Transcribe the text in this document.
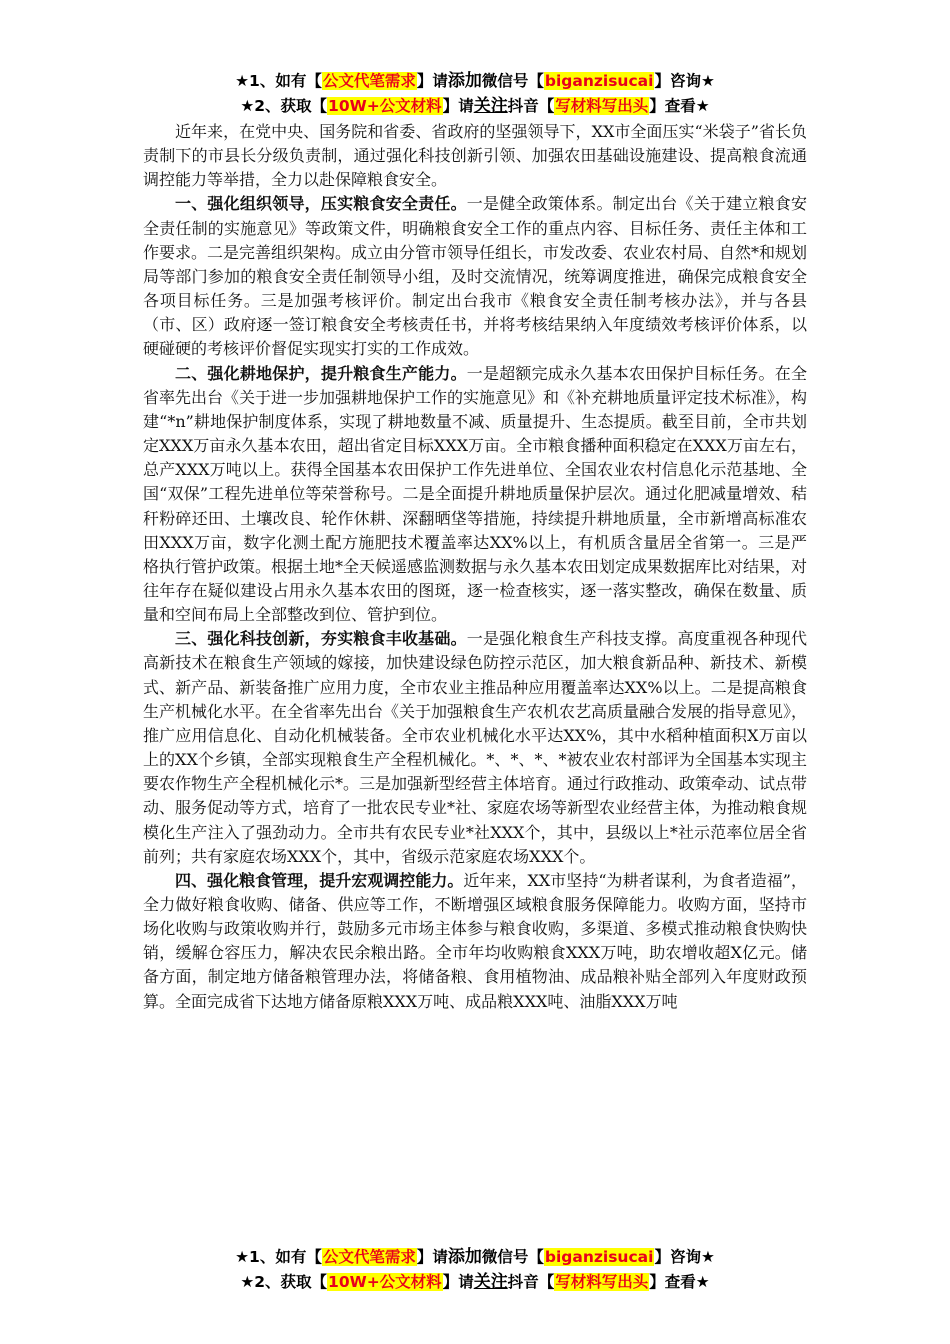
★1、如有【公文代笔需求】请添加微信号【biganzisucai】咨询★
★2、获取【10W+公文材料】请关注抖音【写材料写出头】查看★

近年来，在党中央、国务院和省委、省政府的坚强领导下，XX市全面压实“米袋子”省长负责制下的市县长分级负责制，通过强化科技创新引领、加强农田基础设施建设、提高粮食流通调控能力等举措，全力以赴保障粮食安全。

一、强化组织领导，压实粮食安全责任。一是健全政策体系。制定出台《关于建立粮食安全责任制的实施意见》等政策文件，明确粮食安全工作的重点内容、目标任务、责任主体和工作要求。二是完善组织架构。成立由分管市领导任组长，市发改委、农业农村局、自然*和规划局等部门参加的粮食安全责任制领导小组，及时交流情况，统筹调度推进，确保完成粮食安全各项目标任务。三是加强考核评价。制定出台我市《粮食安全责任制考核办法》，并与各县（市、区）政府逐一签订粮食安全考核责任书，并将考核结果纳入年度绩效考核评价体系，以硬碰硬的考核评价督促实现实打实的工作成效。

二、强化耕地保护，提升粮食生产能力。一是超额完成永久基本农田保护目标任务。在全省率先出台《关于进一步加强耕地保护工作的实施意见》和《补充耕地质量评定技术标准》，构建“*n”耕地保护制度体系，实现了耕地数量不减、质量提升、生态提质。截至目前，全市共划定XXX万亩永久基本农田，超出省定目标XXX万亩。全市粮食播种面积稳定在XXX万亩左右，总产XXX万吨以上。获得全国基本农田保护工作先进单位、全国农业农村信息化示范基地、全国“双保”工程先进单位等荣誉称号。二是全面提升耕地质量保护层次。通过化肥减量增效、秸秆粉碎还田、土壤改良、轮作休耕、深翻晒垡等措施，持续提升耕地质量，全市新增高标准农田XXX万亩，数字化测土配方施肥技术覆盖率达XX%以上，有机质含量居全省第一。三是严格执行管护政策。根据土地*全天候遥感监测数据与永久基本农田划定成果数据库比对结果，对往年存在疑似建设占用永久基本农田的图斑，逐一检查核实，逐一落实整改，确保在数量、质量和空间布局上全部整改到位、管护到位。

三、强化科技创新，夯实粮食丰收基础。一是强化粮食生产科技支撑。高度重视各种现代高新技术在粮食生产领域的嫁接，加快建设绿色防控示范区，加大粮食新品种、新技术、新模式、新产品、新装备推广应用力度，全市农业主推品种应用覆盖率达XX%以上。二是提高粮食生产机械化水平。在全省率先出台《关于加强粮食生产农机农艺高质量融合发展的指导意见》，推广应用信息化、自动化机械装备。全市农业机械化水平达XX%，其中水稻种植面积X万亩以上的XX个乡镇，全部实现粮食生产全程机械化。*、*、*、*被农业农村部评为全国基本实现主要农作物生产全程机械化示*。三是加强新型经营主体培育。通过行政推动、政策牵动、试点带动、服务促动等方式，培育了一批农民专业*社、家庭农场等新型农业经营主体，为推动粮食规模化生产注入了强劲动力。全市共有农民专业*社XXX个，其中，县级以上*社示范率位居全省前列；共有家庭农场XXX个，其中，省级示范家庭农场XXX个。

四、强化粮食管理，提升宏观调控能力。近年来，XX市坚持“为耕者谋利，为食者造福”，全力做好粮食收购、储备、供应等工作，不断增强区域粮食服务保障能力。收购方面，坚持市场化收购与政策收购并行，鼓励多元市场主体参与粮食收购，多渠道、多模式推动粮食快购快销，缓解仓容压力，解决农民余粮出路。全市年均收购粮食XXX万吨，助农增收超X亿元。储备方面，制定地方储备粮管理办法，将储备粮、食用植物油、成品粮补贴全部列入年度财政预算。全面完成省下达地方储备原粮XXX万吨、成品粮XXX吨、油脂XXX万吨

★1、如有【公文代笔需求】请添加微信号【biganzisucai】咨询★
★2、获取【10W+公文材料】请关注抖音【写材料写出头】查看★
